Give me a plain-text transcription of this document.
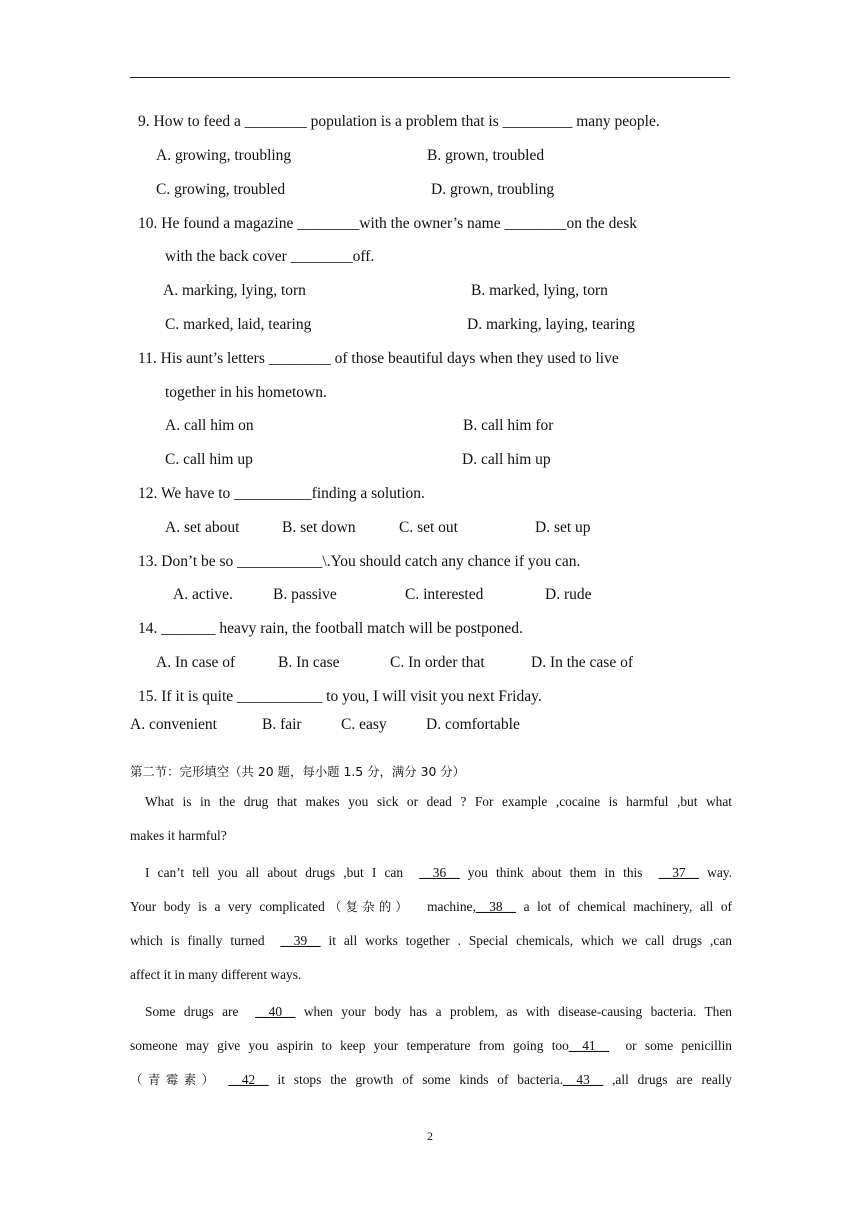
9. How to feed a ________ population is a problem that is _________ many people.
A. growing, troubling	B. grown, troubled
C. growing, troubled	D. grown, troubling
10. He found a magazine ________with the owner’s name ________on the desk
with the back cover ________off.
A. marking, lying, torn	B. marked, lying, torn
C. marked, laid, tearing	D. marking, laying, tearing
11. His aunt’s letters ________ of those beautiful days when they used to live
together in his hometown.
A. call him on	B. call him for
C. call him up	D. call him up
12. We have to __________finding a solution.
A. set about	B. set down	C. set out	D. set up
13. Don’t be so ___________\.You should catch any chance if you can.
A. active.	B. passive	C. interested	D. rude
14. _______ heavy rain, the football match will be postponed.
A. In case of	B. In case	C. In order that	D. In the case of
15. If it is quite ___________ to you, I will visit you next Friday.
A. convenient	B. fair	C. easy	D. comfortable
第二节：完形填空（共 20 题，每小题 1.5 分，满分 30 分）
What is in the drug that makes you sick or dead ? For example ,cocaine is harmful ,but what
makes it harmful?
I can’t tell you all about drugs ,but I can  __36__ you think about them in this  __37__ way.
Your body is a very complicated（复杂的）  machine,__38__ a lot of chemical machinery, all of
which is finally turned  __39__ it all works together . Special chemicals, which we call drugs ,can
affect it in many different ways.
Some drugs are  __40__ when your body has a problem, as with disease-causing bacteria. Then
someone may give you aspirin to keep your temperature from going too__41__  or some penicillin
（青霉素） __42__ it stops the growth of some kinds of bacteria.__43__ ,all drugs are really
2
